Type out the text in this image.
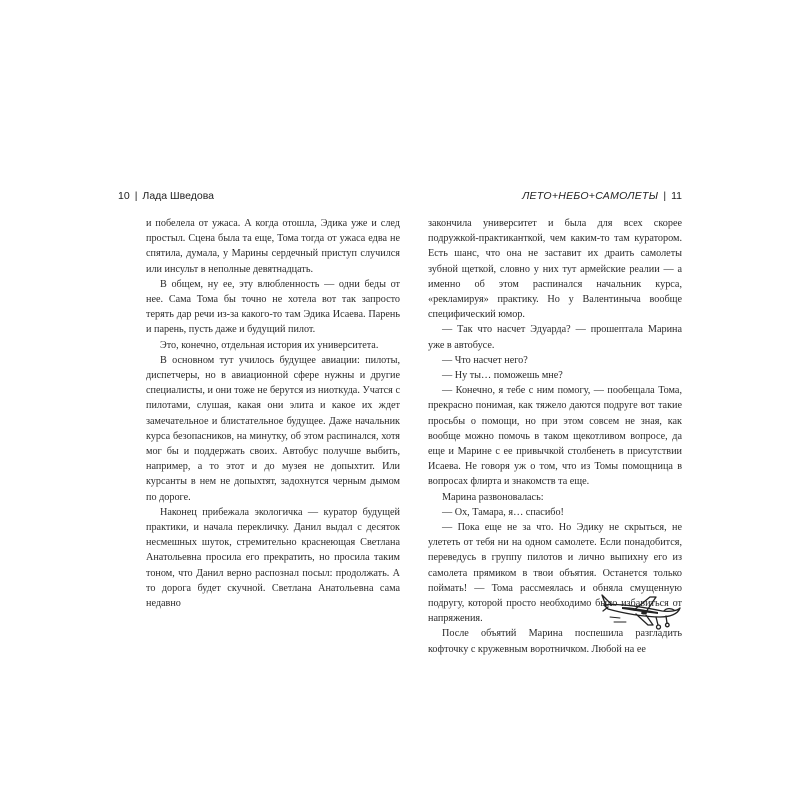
10 | Лада Шведова	ЛЕТО+НЕБО+САМОЛЕТЫ | 11

и побелела от ужаса. А когда отошла, Эдика уже и след простыл. Сцена была та еще, Тома тогда от ужаса едва не спятила, думала, у Марины сердечный приступ случился или инсульт в неполные девятнадцать.

В общем, ну ее, эту влюбленность — одни беды от нее. Сама Тома бы точно не хотела вот так запросто терять дар речи из-за какого-то там Эдика Исаева. Парень и парень, пусть даже и будущий пилот.

Это, конечно, отдельная история их университета.

В основном тут училось будущее авиации: пилоты, диспетчеры, но в авиационной сфере нужны и другие специалисты, и они тоже не берутся из ниоткуда. Учатся с пилотами, слушая, какая они элита и какое их ждет замечательное и блистательное будущее. Даже начальник курса безопасников, на минутку, об этом распинался, хотя мог бы и поддержать своих. Автобус получше выбить, например, а то этот и до музея не допыхтит. Или курсанты в нем не допыхтят, задохнутся черным дымом по дороге.

Наконец прибежала экологичка — куратор будущей практики, и начала перекличку. Данил выдал с десяток несмешных шуток, стремительно краснеющая Светлана Анатольевна просила его прекратить, но просила таким тоном, что Данил верно распознал посыл: продолжать. А то дорога будет скучной. Светлана Анатольевна сама недавно

закончила университет и была для всех скорее подружкой-практиканткой, чем каким-то там куратором. Есть шанс, что она не заставит их драить самолеты зубной щеткой, словно у них тут армейские реалии — а именно об этом распинался начальник курса, «рекламируя» практику. Но у Валентиныча вообще специфический юмор.

— Так что насчет Эдуарда? — прошептала Марина уже в автобусе.

— Что насчет него?

— Ну ты… поможешь мне?

— Конечно, я тебе с ним помогу, — пообещала Тома, прекрасно понимая, как тяжело даются подруге вот такие просьбы о помощи, но при этом совсем не зная, как вообще можно помочь в таком щекотливом вопросе, да еще и Марине с ее привычкой столбенеть в присутствии Исаева. Не говоря уж о том, что из Томы помощница в вопросах флирта и знакомств та еще.

Марина развоновалась:

— Ох, Тамара, я… спасибо!

— Пока еще не за что. Но Эдику не скрыться, не улететь от тебя ни на одном самолете. Если понадобится, переведусь в группу пилотов и лично выпихну его из самолета прямиком в твои объятия. Останется только поймать! — Тома рассмеялась и обняла смущенную подругу, которой просто необходимо было избавиться от напряжения.

После объятий Марина поспешила разгладить кофточку с кружевным воротничком. Любой на ее
